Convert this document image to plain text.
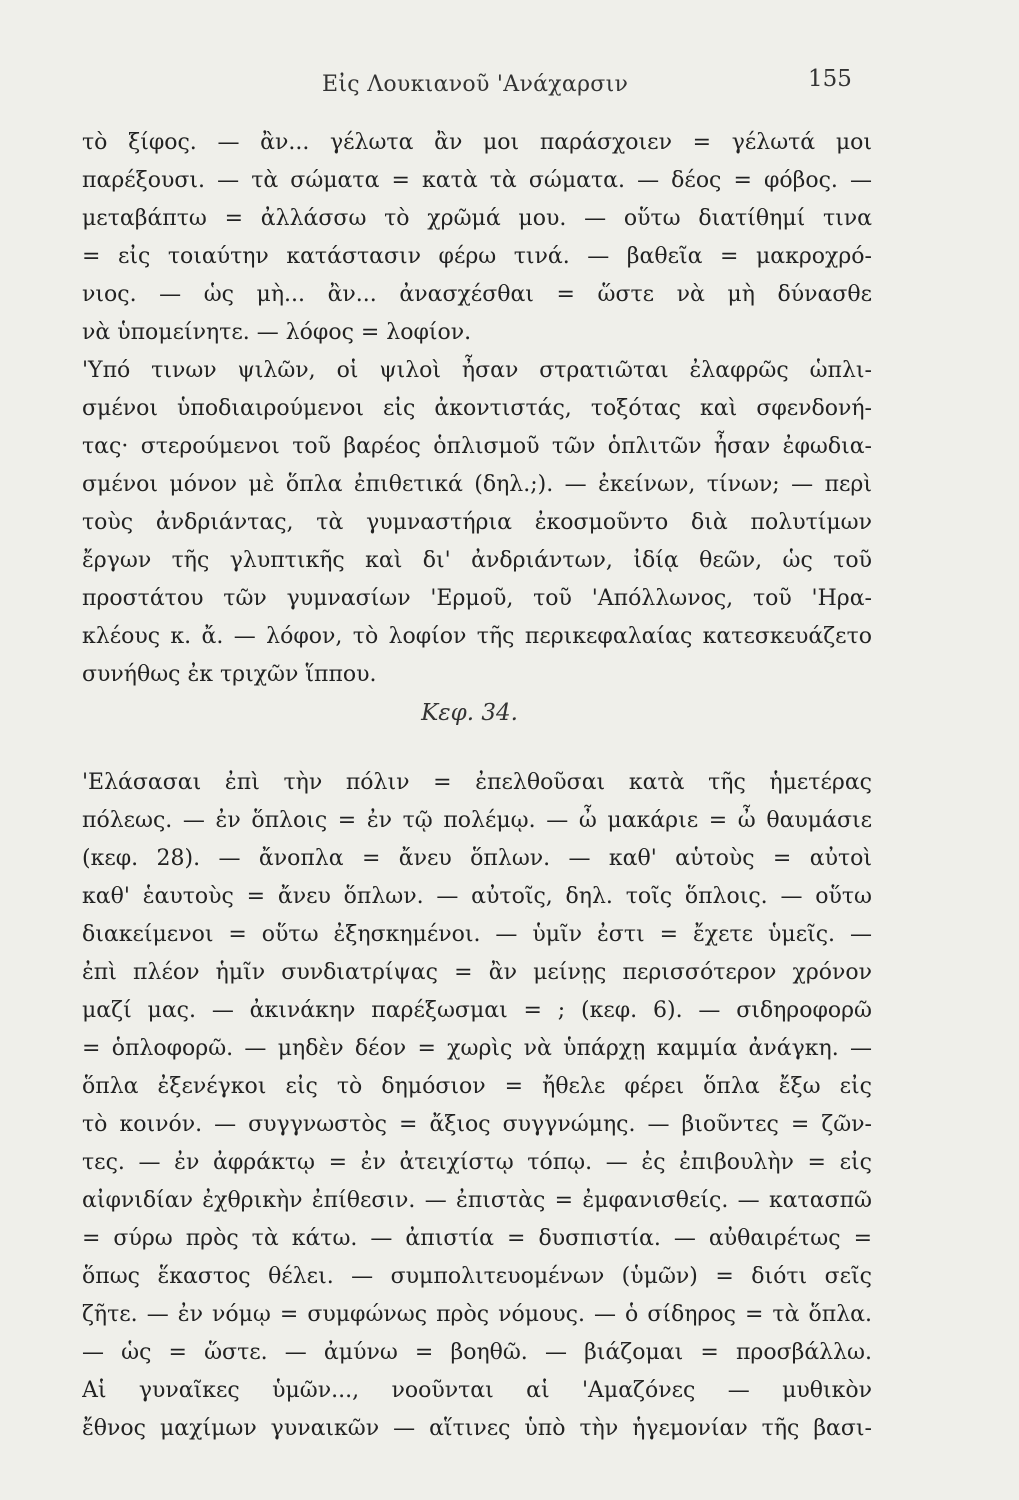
Εἰς Λουκιανοῦ 'Ανάχαρσιν	155
τὸ ξίφος. — ἂν... γέλωτα ἂν μοι παράσχοιεν = γέλωτά μοι
παρέξουσι. — τὰ σώματα = κατὰ τὰ σώματα. — δέος = φόβος. —
μεταβάπτω = ἀλλάσσω τὸ χρῶμά μου. — οὕτω διατίθημί τινα
= εἰς τοιαύτην κατάστασιν φέρω τινά. — βαθεῖα = μακροχρό-
νιος. — ὡς μὴ... ἂν... ἀνασχέσθαι = ὥστε νὰ μὴ δύνασθε
νὰ ὑπομείνητε. — λόφος = λοφίον.
'Υπό τινων ψιλῶν, οἱ ψιλοὶ ἦσαν στρατιῶται ἐλαφρῶς ὡπλι-
σμένοι ὑποδιαιρούμενοι εἰς ἀκοντιστάς, τοξότας καὶ σφενδονή-
τας· στερούμενοι τοῦ βαρέος ὁπλισμοῦ τῶν ὁπλιτῶν ἦσαν ἐφωδια-
σμένοι μόνον μὲ ὅπλα ἐπιθετικά (δηλ.;). — ἐκείνων, τίνων; — περὶ
τοὺς ἀνδριάντας, τὰ γυμναστήρια ἐκοσμοῦντο διὰ πολυτίμων
ἔργων τῆς γλυπτικῆς καὶ δι' ἀνδριάντων, ἰδίᾳ θεῶν, ὡς τοῦ
προστάτου τῶν γυμνασίων 'Ερμοῦ, τοῦ 'Απόλλωνος, τοῦ 'Ηρα-
κλέους κ. ἄ. — λόφον, τὸ λοφίον τῆς περικεφαλαίας κατεσκευάζετο
συνήθως ἐκ τριχῶν ἵππου.
Κεφ. 34.
'Ελάσασαι ἐπὶ τὴν πόλιν = ἐπελθοῦσαι κατὰ τῆς ἡμετέρας
πόλεως. — ἐν ὅπλοις = ἐν τῷ πολέμῳ. — ὦ μακάριε = ὦ θαυμάσιε
(κεφ. 28). — ἄνοπλα = ἄνευ ὅπλων. — καθ' αὑτοὺς = αὐτοὶ
καθ' ἑαυτοὺς = ἄνευ ὅπλων. — αὐτοῖς, δηλ. τοῖς ὅπλοις. — οὕτω
διακείμενοι = οὕτω ἐξησκημένοι. — ὑμῖν ἐστι = ἔχετε ὑμεῖς. —
ἐπὶ πλέον ἡμῖν συνδιατρίψας = ἂν μείνῃς περισσότερον χρόνον
μαζί μας. — ἀκινάκην παρέξωσμαι = ; (κεφ. 6). — σιδηροφορῶ
= ὁπλοφορῶ. — μηδὲν δέον = χωρὶς νὰ ὑπάρχῃ καμμία ἀνάγκη. —
ὅπλα ἐξενέγκοι εἰς τὸ δημόσιον = ἤθελε φέρει ὅπλα ἔξω εἰς
τὸ κοινόν. — συγγνωστὸς = ἄξιος συγγνώμης. — βιοῦντες = ζῶν-
τες. — ἐν ἀφράκτῳ = ἐν ἀτειχίστῳ τόπῳ. — ἐς ἐπιβουλὴν = εἰς
αἰφνιδίαν ἐχθρικὴν ἐπίθεσιν. — ἐπιστὰς = ἐμφανισθείς. — κατασπῶ
= σύρω πρὸς τὰ κάτω. — ἀπιστία = δυσπιστία. — αὐθαιρέτως =
ὅπως ἕκαστος θέλει. — συμπολιτευομένων (ὑμῶν) = διότι σεῖς
ζῆτε. — ἐν νόμῳ = συμφώνως πρὸς νόμους. — ὁ σίδηρος = τὰ ὅπλα.
— ὡς = ὥστε. — ἀμύνω = βοηθῶ. — βιάζομαι = προσβάλλω.
Αἱ γυναῖκες ὑμῶν..., νοοῦνται αἱ 'Αμαζόνες — μυθικὸν
ἔθνος μαχίμων γυναικῶν — αἵτινες ὑπὸ τὴν ἡγεμονίαν τῆς βασι-
